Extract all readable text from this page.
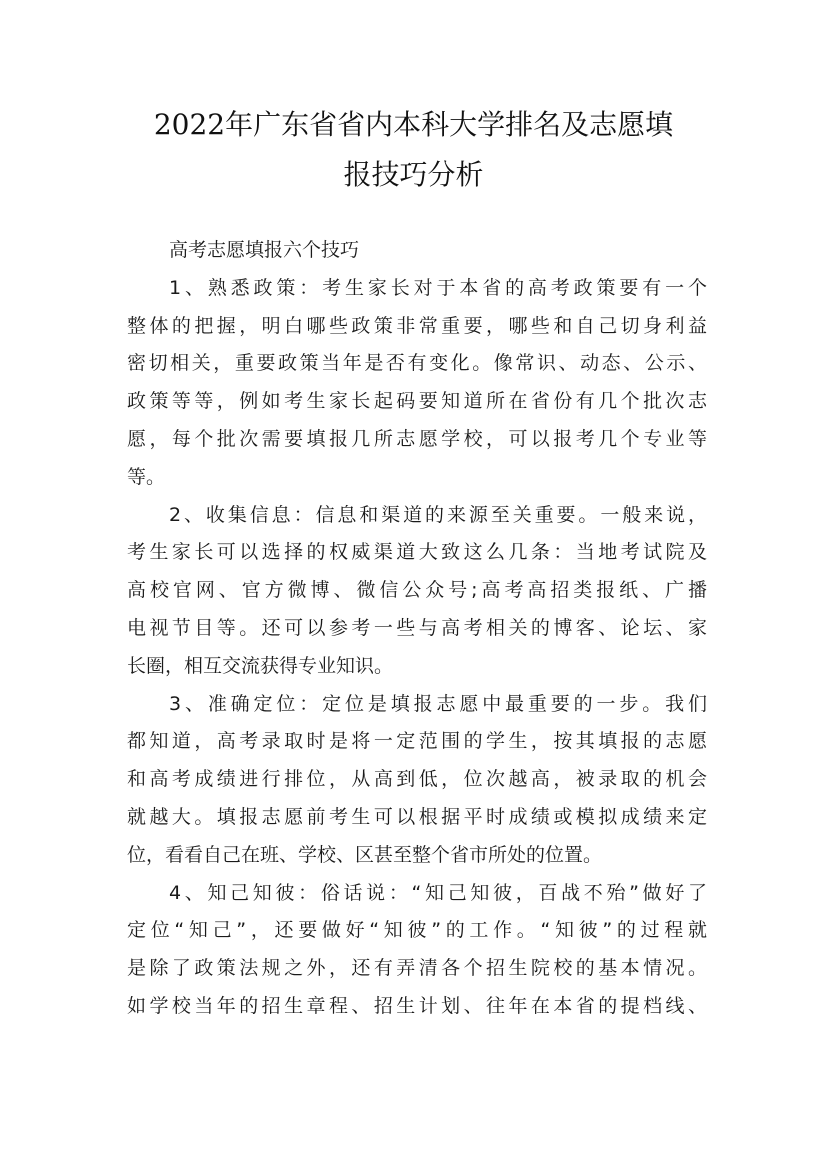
2022年广东省省内本科大学排名及志愿填
报技巧分析
高考志愿填报六个技巧
1、熟悉政策：考生家长对于本省的高考政策要有一个
整体的把握，明白哪些政策非常重要，哪些和自己切身利益
密切相关，重要政策当年是否有变化。像常识、动态、公示、
政策等等，例如考生家长起码要知道所在省份有几个批次志
愿，每个批次需要填报几所志愿学校，可以报考几个专业等
等。
2、收集信息：信息和渠道的来源至关重要。一般来说，
考生家长可以选择的权威渠道大致这么几条：当地考试院及
高校官网、官方微博、微信公众号;高考高招类报纸、广播
电视节目等。还可以参考一些与高考相关的博客、论坛、家
长圈，相互交流获得专业知识。
3、准确定位：定位是填报志愿中最重要的一步。我们
都知道，高考录取时是将一定范围的学生，按其填报的志愿
和高考成绩进行排位，从高到低，位次越高，被录取的机会
就越大。填报志愿前考生可以根据平时成绩或模拟成绩来定
位，看看自己在班、学校、区甚至整个省市所处的位置。
4、知己知彼：俗话说：“知己知彼，百战不殆”做好了
定位“知己”，还要做好“知彼”的工作。“知彼”的过程就
是除了政策法规之外，还有弄清各个招生院校的基本情况。
如学校当年的招生章程、招生计划、往年在本省的提档线、
